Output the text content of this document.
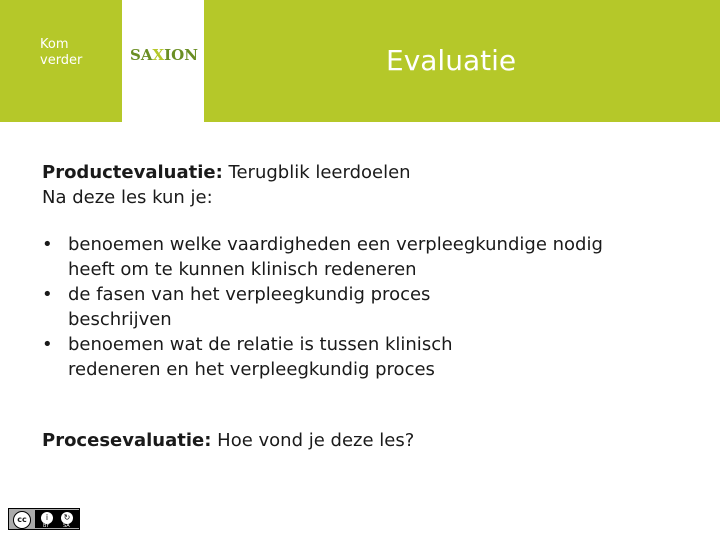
Kom
verder	SAXION	Evaluatie
Productevaluatie: Terugblik leerdoelen
Na deze les kun je:
• benoemen welke vaardigheden een verpleegkundige nodig
heeft om te kunnen klinisch redeneren
• de fasen van het verpleegkundig proces
beschrijven
• benoemen wat de relatie is tussen klinisch
redeneren en het verpleegkundig proces
Procesevaluatie: Hoe vond je deze les?
cc	i	↻
BY	SA
